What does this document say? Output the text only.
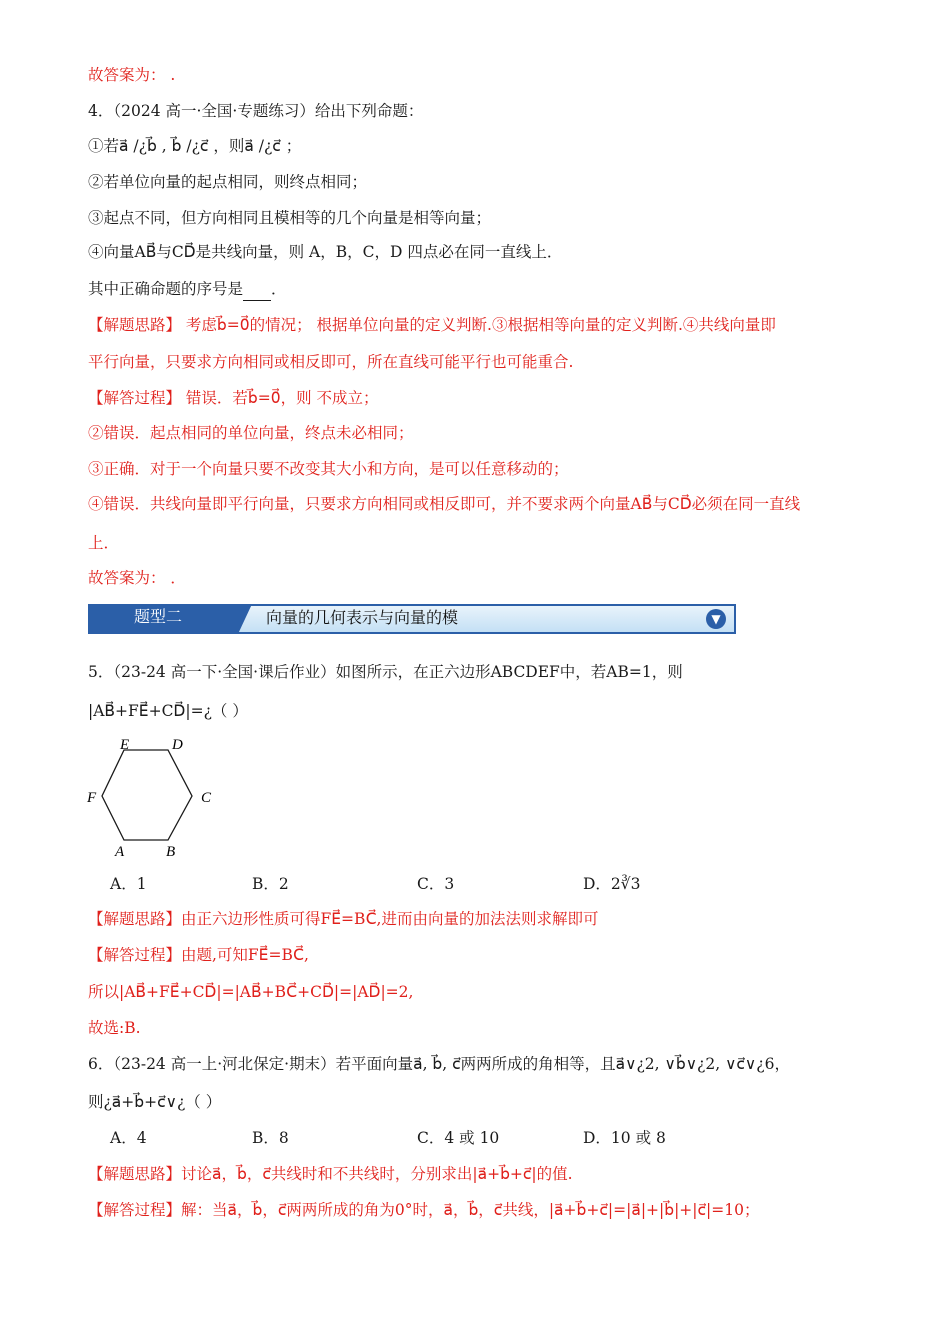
故答案为： .
4．（2024 高一·全国·专题练习）给出下列命题：
①若a⃗ /¿b⃗ , b⃗ /¿c⃗ ，则a⃗ /¿c⃗ ；
②若单位向量的起点相同，则终点相同；
③起点不同，但方向相同且模相等的几个向量是相等向量；
④向量AB⃗与CD⃗是共线向量，则 A，B，C，D 四点必在同一直线上．
其中正确命题的序号是 ．
【解题思路】 考虑b⃗=0⃗的情况； 根据单位向量的定义判断.③根据相等向量的定义判断.④共线向量即
平行向量，只要求方向相同或相反即可，所在直线可能平行也可能重合.
【解答过程】 错误．若b⃗=0⃗，则 不成立；
②错误．起点相同的单位向量，终点未必相同；
③正确．对于一个向量只要不改变其大小和方向，是可以任意移动的；
④错误．共线向量即平行向量，只要求方向相同或相反即可，并不要求两个向量AB⃗与CD⃗必须在同一直线
上．
故答案为： ．
向量的几何表示与向量的模	▼
题型二
5．（23-24 高一下·全国·课后作业）如图所示，在正六边形ABCDEF中，若AB=1，则
|AB⃗+FE⃗+CD⃗|=¿（ ）
E	D
F	C
A	B
A．1	B．2	C．3	D．2∛3
【解题思路】由正六边形性质可得FE⃗=BC⃗,进而由向量的加法法则求解即可
【解答过程】由题,可知FE⃗=BC⃗,
所以|AB⃗+FE⃗+CD⃗|=|AB⃗+BC⃗+CD⃗|=|AD⃗|=2,
故选:B.
6．（23-24 高一上·河北保定·期末）若平面向量a⃗, b⃗, c⃗两两所成的角相等，且a⃗∨¿2, ∨b⃗∨¿2, ∨c⃗∨¿6，
则¿a⃗+b⃗+c⃗∨¿（ ）
A．4	B．8	C．4 或 10	D．10 或 8
【解题思路】讨论a⃗，b⃗，c⃗共线时和不共线时，分别求出|a⃗+b⃗+c⃗|的值.
【解答过程】解：当a⃗，b⃗，c⃗两两所成的角为0°时，a⃗，b⃗，c⃗共线，|a⃗+b⃗+c⃗|=|a⃗|+|b⃗|+|c⃗|=10；
